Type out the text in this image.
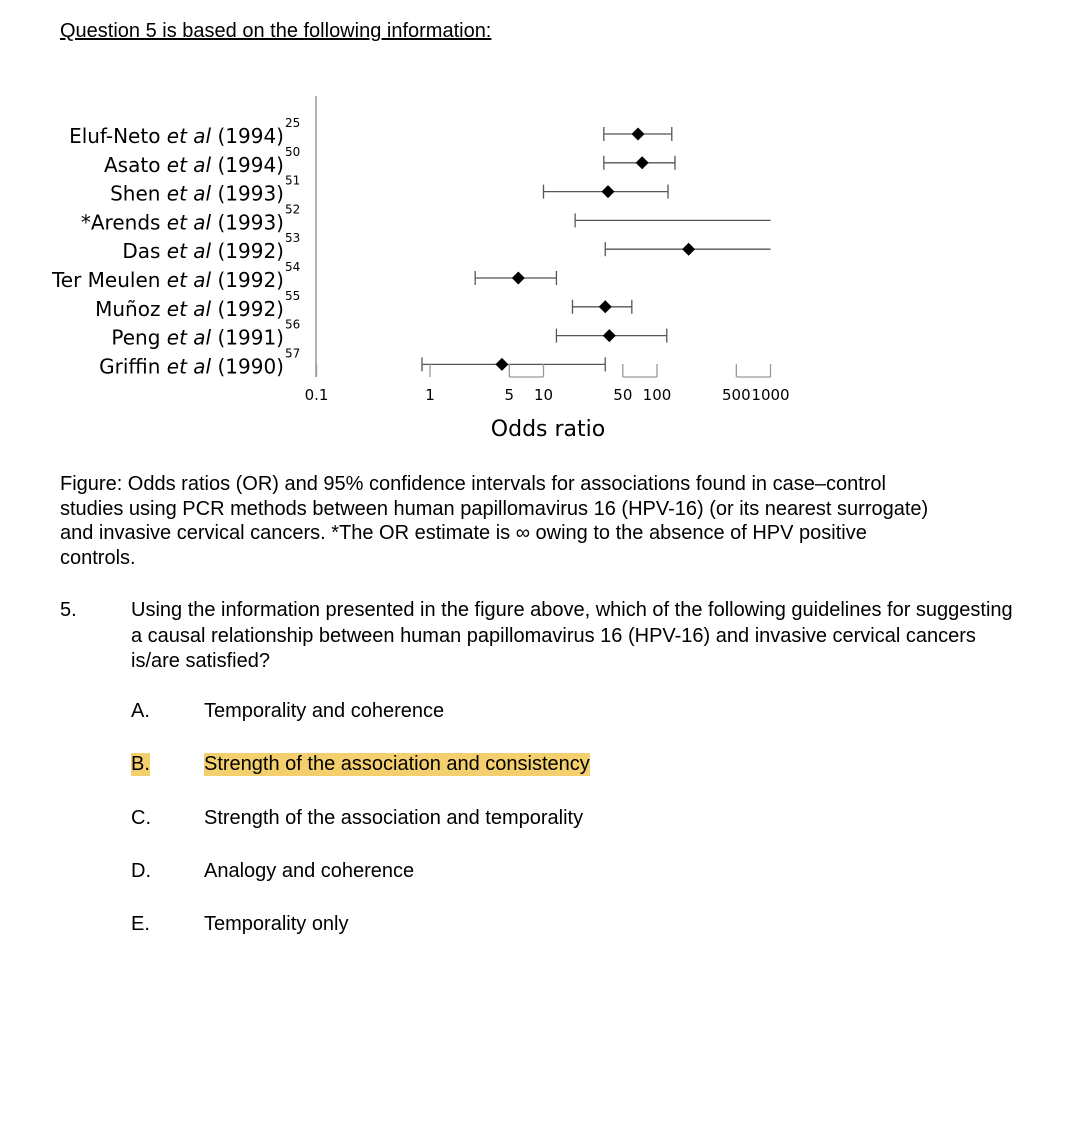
Question 5 is based on the following information:
Eluf-Neto et al (1994)
25
Asato et al (1994)
50
Shen et al (1993)
51
*Arends et al (1993)
52
Das et al (1992)
53
Ter Meulen et al (1992)
54
Muñoz et al (1992)
55
Peng et al (1991)
56
Griffin et al (1990)
57
0.1	1	5 10	50 100	500 1000
Odds ratio
Figure: Odds ratios (OR) and 95% confidence intervals for associations found in case–control studies using PCR methods between human papillomavirus 16 (HPV-16) (or its nearest surrogate) and invasive cervical cancers. *The OR estimate is ∞ owing to the absence of HPV positive controls.
5.	Using the information presented in the figure above, which of the following guidelines for suggesting a causal relationship between human papillomavirus 16 (HPV-16) and invasive cervical cancers is/are satisfied?
A.	Temporality and coherence
B.	Strength of the association and consistency
C.	Strength of the association and temporality
D.	Analogy and coherence
E.	Temporality only
